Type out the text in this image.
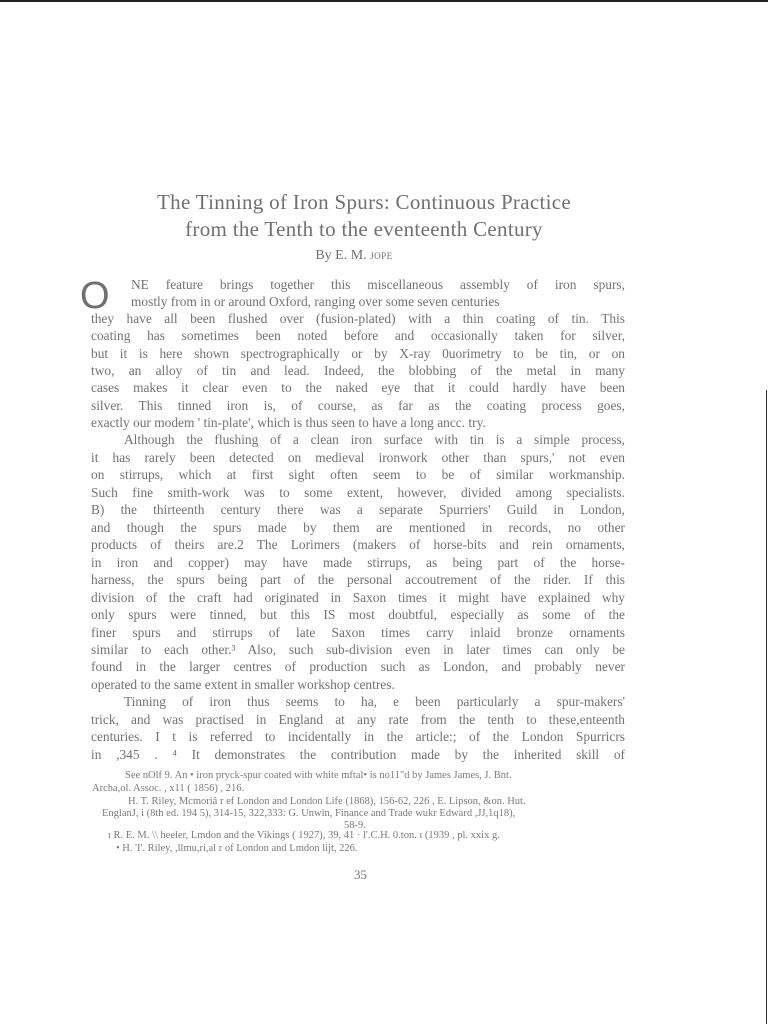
The Tinning of Iron Spurs: Continuous Practice
from the Tenth to the eventeenth Century
By E. M. JOPE
O NE feature brings together this miscellaneous assembly of iron spurs,
mostly from in or around Oxford, ranging over some seven centuries
they have all been flushed over (fusion-plated) with a thin coating of tin. This
coating has sometimes been noted before and occasionally taken for silver,
but it is here shown spectrographically or by X-ray 0uorimetry to be tin, or on
two, an alloy of tin and lead. Indeed, the blobbing of the metal in many
cases makes it clear even to the naked eye that it could hardly have been
silver. This tinned iron is, of course, as far as the coating process goes,
exactly our modem ' tin-plate', which is thus seen to have a long ancc. try.
Although the flushing of a clean iron surface with tin is a simple process,
it has rarely been detected on medieval ironwork other than spurs,' not even
on stirrups, which at first sight often seem to be of similar workmanship.
Such fine smith-work was to some extent, however, divided among specialists.
B) the thirteenth century there was a separate Spurriers' Guild in London,
and though the spurs made by them are mentioned in records, no other
products of theirs are.2 The Lorimers (makers of horse-bits and rein ornaments,
in iron and copper) may have made stirrups, as being part of the horse-
harness, the spurs being part of the personal accoutrement of the rider. If this
division of the craft had originated in Saxon times it might have explained why
only spurs were tinned, but this IS most doubtful, especially as some of the
finer spurs and stirrups of late Saxon times carry inlaid bronze ornaments
similar to each other.³ Also, such sub-division even in later times can only be
found in the larger centres of production such as London, and probably never
operated to the same extent in smaller workshop centres.
Tinning of iron thus seems to ha, e been particularly a spur-makers'
trick, and was practised in England at any rate from the tenth to these,enteenth
centuries. I t is referred to incidentally in the article:; of the London Spurricrs
in ,345 . ⁴ It demonstrates the contribution made by the inherited skill of
See nOlf 9. An • iron pryck-spur coated with white mftal• is no11"d by James James, J. Bnt.
Archa,ol. Assoc. , x11 ( 1856) , 216.
H. T. Riley, Mcmoriâ r ef London and London Life (1868), 156-62, 226 , E. Lipson, &on. Hut.
EnglanJ, i (8th ed. 194 5), 314-15, 322,333: G. Unwin, Finance and Trade wukr Edward ,JJ,1q18),
58-9.
ι R. E. M. \\ heeler, Lmdon and the Vikings ( 1927), 39, 41 · l'.C.H. 0.ton. ι (1939 , pl. xxix g.
• H. 'I'. Riley, ,llmu,ri,al r of London and Lmdon lijt, 226.
35
